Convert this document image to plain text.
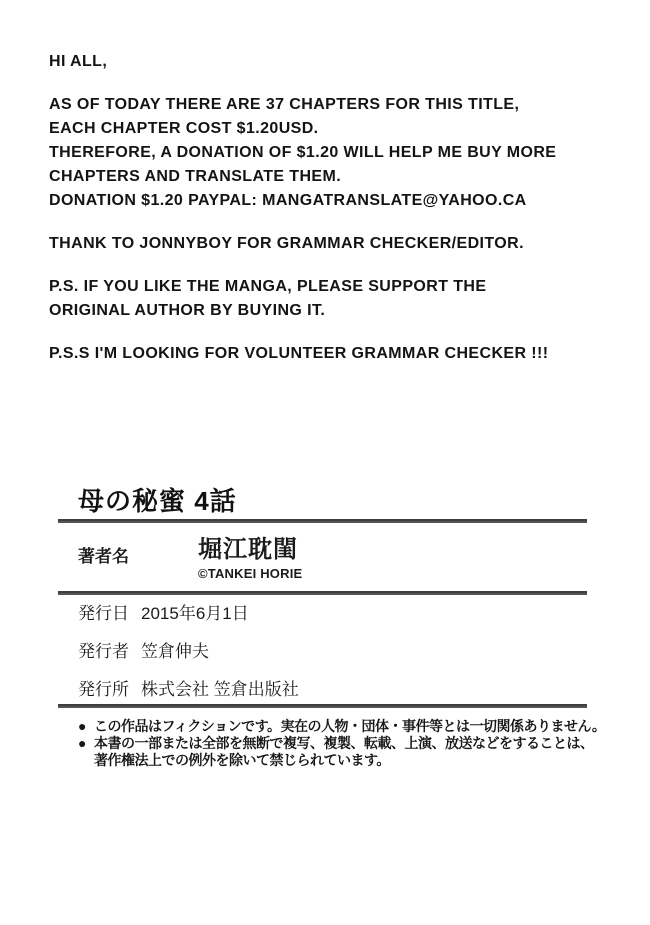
HI ALL,
AS OF TODAY THERE ARE 37 CHAPTERS FOR THIS TITLE,
EACH CHAPTER COST $1.20USD.
THEREFORE, A DONATION OF $1.20 WILL HELP ME BUY MORE
CHAPTERS AND TRANSLATE THEM.
DONATION $1.20 PAYPAL: MANGATRANSLATE@YAHOO.CA
THANK TO JONNYBOY FOR GRAMMAR CHECKER/EDITOR.
P.S. IF YOU LIKE THE MANGA, PLEASE SUPPORT THE
ORIGINAL AUTHOR BY BUYING IT.
P.S.S I'M LOOKING FOR VOLUNTEER GRAMMAR CHECKER !!!
母の秘蜜 4話
著者名	堀江耽閨
©TANKEI HORIE
発行日 2015年6月1日
発行者 笠倉伸夫
発行所 株式会社 笠倉出版社
● この作品はフィクションです。実在の人物・団体・事件等とは一切関係ありません。
● 本書の一部または全部を無断で複写、複製、転載、上演、放送などをすることは、
著作権法上での例外を除いて禁じられています。
